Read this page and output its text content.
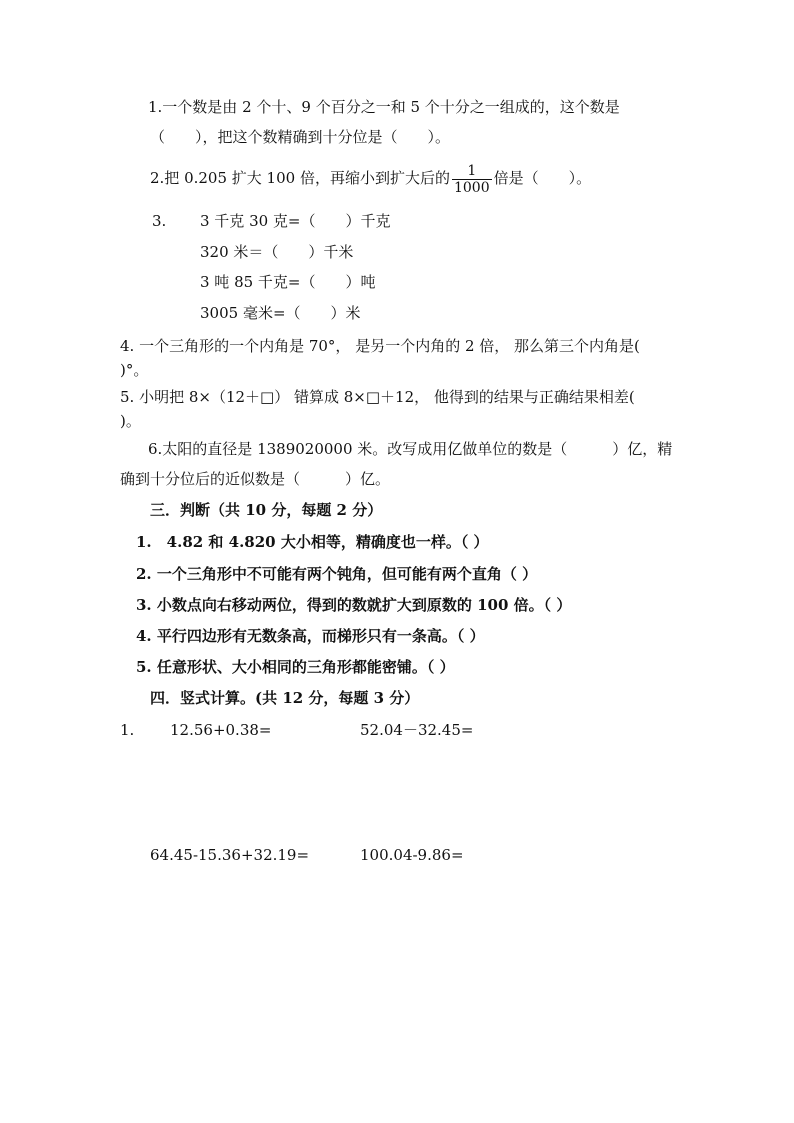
1.一个数是由 2 个十、9 个百分之一和 5 个十分之一组成的，这个数是
（　　），把这个数精确到十分位是（　　）。
2.把 0.205 扩大 100 倍，再缩小到扩大后的 $\frac{1}{1000}$ 倍是（　　）。
3. 3 千克 30 克=（　　）千克
320 米＝（　　）千米
3 吨 85 千克=（　　）吨
3005 毫米=（　　）米
4. 一个三角形的一个内角是 70°， 是另一个内角的 2 倍， 那么第三个内角是(
)°。
5. 小明把 8×（12＋□） 错算成 8×□＋12， 他得到的结果与正确结果相差(
)。
6.太阳的直径是 1389020000 米。改写成用亿做单位的数是（　　　）亿，精
确到十分位后的近似数是（　　　）亿。
三．判断（共 10 分，每题 2 分）
1.　4.82 和 4.820 大小相等，精确度也一样。（ ）
2. 一个三角形中不可能有两个钝角，但可能有两个直角（ ）
3. 小数点向右移动两位，得到的数就扩大到原数的 100 倍。（ ）
4. 平行四边形有无数条高，而梯形只有一条高。（ ）
5. 任意形状、大小相同的三角形都能密铺。（ ）
四．竖式计算。(共 12 分，每题 3 分）
1. 12.56+0.38=	52.04－32.45=
64.45-15.36+32.19=	100.04-9.86=
